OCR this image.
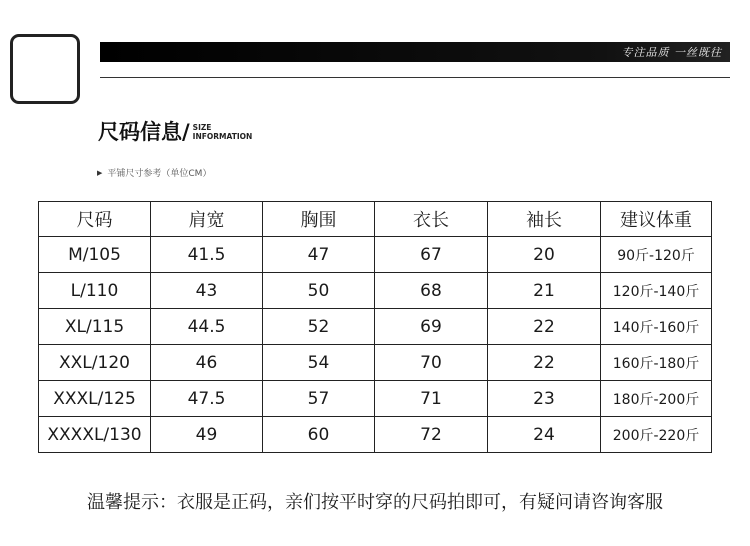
专注品质 一丝既往
尺码信息/ SIZE
INFORMATION
▶ 平铺尺寸参考（单位CM）
尺码	肩宽	胸围	衣长	袖长	建议体重
M/105	41.5	47	67	20	90斤-120斤
L/110	43	50	68	21	120斤-140斤
XL/115	44.5	52	69	22	140斤-160斤
XXL/120	46	54	70	22	160斤-180斤
XXXL/125	47.5	57	71	23	180斤-200斤
XXXXL/130	49	60	72	24	200斤-220斤
温馨提示：衣服是正码，亲们按平时穿的尺码拍即可，有疑问请咨询客服
